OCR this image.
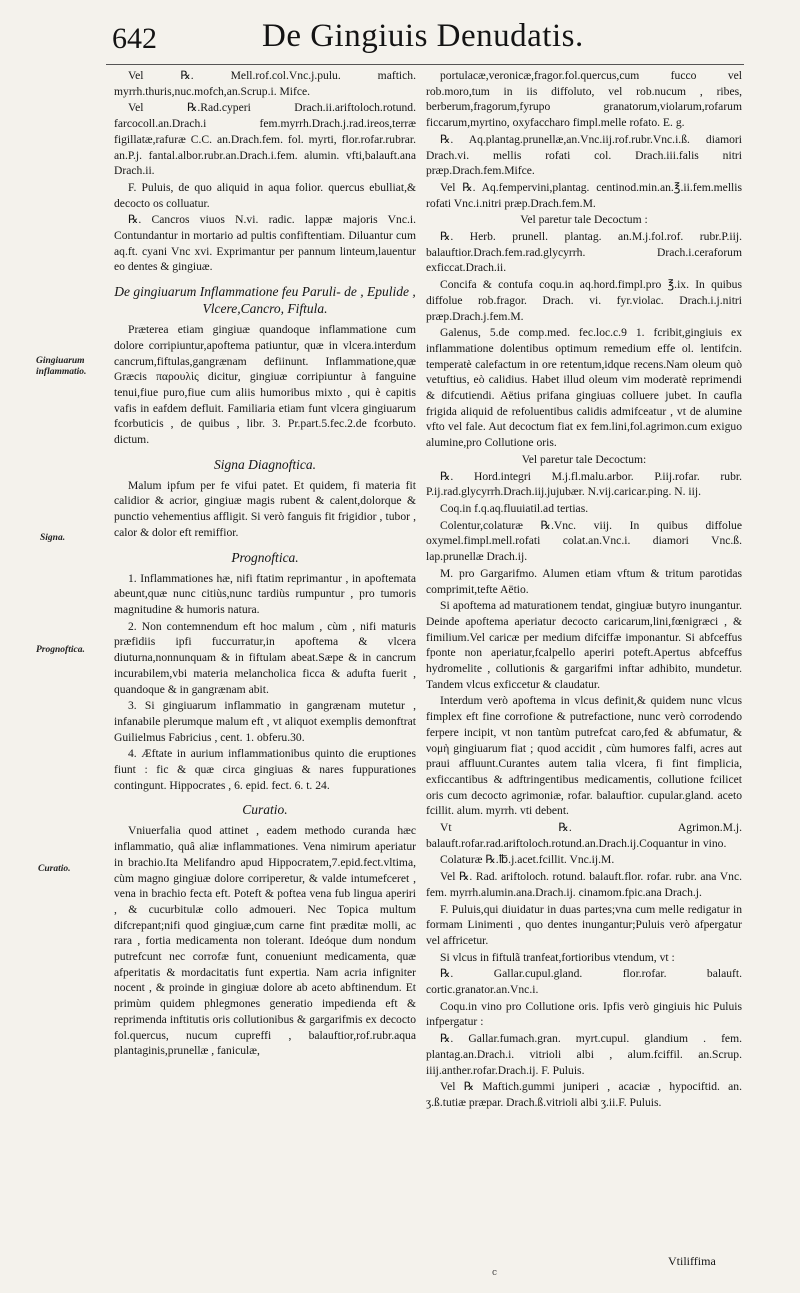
642	De Gingiuis Denudatis.
Gingiuarum inflammatio.
Signa.
Prognoftica.
Curatio.

Vel ℞. Mell.rof.col.Vnc.j.pulu. maftich. myrrh.thuris,nuc.mofch,an.Scrup.i. Mifce.

Vel ℞.Rad.cyperi Drach.ii.ariftoloch.rotund. farcocoll.an.Drach.i fem.myrrh.Drach.j.rad.ireos,terræ figillatæ,rafuræ C.C. an.Drach.fem. fol. myrti, flor.rofar.rubrar. an.P.j. fantal.albor.rubr.an.Drach.i.fem. alumin. vfti,balauft.ana Drach.ii.

F. Puluis, de quo aliquid in aqua folior. quercus ebulliat,& decocto os colluatur.

℞. Cancros viuos N.vi. radic. lappæ majoris Vnc.i. Contundantur in mortario ad pultis confiftentiam. Diluantur cum aq.ft. cyani Vnc xvi. Exprimantur per pannum linteum,lauentur eo dentes & gingiuæ.

De gingiuarum Inflammatione feu Paruli- de , Epulide , Vlcere,Cancro, Fiftula.

Præterea etiam gingiuæ quandoque inflammatione cum dolore corripiuntur,apoftema patiuntur, quæ in vlcera.interdum cancrum,fiftulas,gangrænam defiinunt. Inflammatione,quæ Græcis παρουλὶς dicitur, gingiuæ corripiuntur à fanguine tenui,fiue puro,fiue cum aliis humoribus mixto , qui è capitis vafis in eafdem defluit. Familiaria etiam funt vlcera gingiuarum fcorbuticis , de quibus , libr. 3. Pr.part.5.fec.2.de fcorbuto. dictum.

Signa Diagnoftica.

Malum ipfum per fe vifui patet. Et quidem, fi materia fit calidior & acrior, gingiuæ magis rubent & calent,dolorque & punctio vehementius affligit. Si verò fanguis fit frigidior , tubor , calor & dolor eft remiffior.

Prognoftica.

1. Inflammationes hæ, nifi ftatim reprimantur , in apoftemata abeunt,quæ nunc citiùs,nunc tardiùs rumpuntur , pro tumoris magnitudine & humoris natura.

2. Non contemnendum eft hoc malum , cùm , nifi maturis præfidiis ipfi fuccurratur,in apoftema & vlcera diuturna,nonnunquam & in fiftulam abeat.Sæpe & in cancrum incurabilem,vbi materia melancholica ficca & adufta fuerit , quandoque & in gangrænam abit.

3. Si gingiuarum inflammatio in gangrænam mutetur , infanabile plerumque malum eft , vt aliquot exemplis demonftrat Guilielmus Fabricius , cent. 1. obferu.30.

4. Æftate in aurium inflammationibus quinto die eruptiones fiunt : fic & quæ circa gingiuas & nares fuppurationes contingunt. Hippocrates , 6. epid. fect. 6. t. 24.

Curatio.

Vniuerfalia quod attinet , eadem methodo curanda hæc inflammatio, quâ aliæ inflammationes. Vena nimirum aperiatur in brachio.Ita Melifandro apud Hippocratem,7.epid.fect.vltima, cùm magno gingiuæ dolore corriperetur, & valde intumefceret , vena in brachio fecta eft. Poteft & poftea vena fub lingua aperiri , & cucurbitulæ collo admoueri. Nec Topica multum difcrepant;nifi quod gingiuæ,cum carne fint præditæ molli, ac rara , fortia medicamenta non tolerant. Ideóque dum nondum putrefcunt nec corrofæ funt, conueniunt medicamenta, quæ afperitatis & mordacitatis funt expertia. Nam acria infigniter nocent , & proinde in gingiuæ dolore ab aceto abftinendum. Et primùm quidem phlegmones generatio impedienda eft & reprimenda inftitutis oris collutionibus & gargarifmis ex decocto fol.quercus, nucum cupreffi , balauftior,rof.rubr.aqua plantaginis,prunellæ , faniculæ,

portulacæ,veronicæ,fragor.fol.quercus,cum fucco vel rob.moro,tum in iis diffoluto, vel rob.nucum , ribes, berberum,fragorum,fyrupo granatorum,violarum,rofarum ficcarum,myrtino, oxyfaccharo fimpl.melle rofato. E. g.

℞. Aq.plantag.prunellæ,an.Vnc.iij.rof.rubr.Vnc.i.ß. diamori Drach.vi. mellis rofati col. Drach.iii.falis nitri præp.Drach.fem.Mifce.

Vel ℞. Aq.fempervini,plantag. centinod.min.an.℥.ii.fem.mellis rofati Vnc.i.nitri præp.Drach.fem.M.

Vel paretur tale Decoctum :

℞. Herb. prunell. plantag. an.M.j.fol.rof. rubr.P.iij. balauftior.Drach.fem.rad.glycyrrh. Drach.i.ceraforum exficcat.Drach.ii.

Concifa & contufa coqu.in aq.hord.fimpl.pro ℥.ix. In quibus diffolue rob.fragor. Drach. vi. fyr.violac. Drach.i.j.nitri præp.Drach.j.fem.M.

Galenus, 5.de comp.med. fec.loc.c.9 1. fcribit,gingiuis ex inflammatione dolentibus optimum remedium effe ol. lentifcin. temperatè calefactum in ore retentum,idque recens.Nam oleum quò vetuftius, eò calidius. Habet illud oleum vim moderatè reprimendi & difcutiendi. Aëtius prifana gingiuas colluere jubet. In caufla frigida aliquid de refoluentibus calidis admifceatur , vt de alumine vfto vel fale. Aut decoctum fiat ex fem.lini,fol.agrimon.cum exiguo alumine,pro Collutione oris.

Vel paretur tale Decoctum:

℞. Hord.integri M.j.fl.malu.arbor. P.iij.rofar. rubr. P.ij.rad.glycyrrh.Drach.iij.jujubær. N.vij.caricar.ping. N. iij.

Coq.in f.q.aq.fluuiatil.ad tertias.

Colentur,colaturæ ℞.Vnc. viij. In quibus diffolue oxymel.fimpl.mell.rofati colat.an.Vnc.i. diamori Vnc.ß. lap.prunellæ Drach.ij.

M. pro Gargarifmo. Alumen etiam vftum & tritum parotidas comprimit,tefte Aëtio.

Si apoftema ad maturationem tendat, gingiuæ butyro inungantur. Deinde apoftema aperiatur decocto caricarum,lini,fœnigræci , & fimilium.Vel caricæ per medium difciffæ imponantur. Si abfceffus fponte non aperiatur,fcalpello aperiri poteft.Apertus abfceffus hydromelite , collutionis & gargarifmi inftar adhibito, mundetur. Tandem vlcus exficcetur & claudatur.

Interdum verò apoftema in vlcus definit,& quidem nunc vlcus fimplex eft fine corrofione & putrefactione, nunc verò corrodendo ferpere incipit, vt non tantùm putrefcat caro,fed & abfumatur, & νομὴ gingiuarum fiat ; quod accidit , cùm humores falfi, acres aut praui affluunt.Curantes autem talia vlcera, fi fint fimplicia, exficcantibus & adftringentibus medicamentis, collutione fcilicet oris cum decocto agrimoniæ, rofar. balauftior. cupular.gland. aceto fcillit. alum. myrrh. vti debent.

Vt ℞. Agrimon.M.j. balauft.rofar.rad.ariftoloch.rotund.an.Drach.ij.Coquantur in vino.

Colaturæ ℞.℔.j.acet.fcillit. Vnc.ij.M.

Vel ℞. Rad. ariftoloch. rotund. balauft.flor. rofar. rubr. ana Vnc. fem. myrrh.alumin.ana.Drach.ij. cinamom.fpic.ana Drach.j.

F. Puluis,qui diuidatur in duas partes;vna cum melle redigatur in formam Linimenti , quo dentes inungantur;Puluis verò afpergatur vel affricetur.

Si vlcus in fiftulã tranfeat,fortioribus vtendum, vt :

℞. Gallar.cupul.gland. flor.rofar. balauft. cortic.granator.an.Vnc.i.

Coqu.in vino pro Collutione oris. Ipfis verò gingiuis hic Puluis infpergatur :

℞. Gallar.fumach.gran. myrt.cupul. glandium . fem. plantag.an.Drach.i. vitrioli albi , alum.fciffil. an.Scrup. iiij.anther.rofar.Drach.ij. F. Puluis.

Vel ℞ Maftich.gummi juniperi , acaciæ , hypociftid. an. ʒ.ß.tutiæ præpar. Drach.ß.vitrioli albi ʒ.ii.F. Puluis.

Vtiliffima
c
